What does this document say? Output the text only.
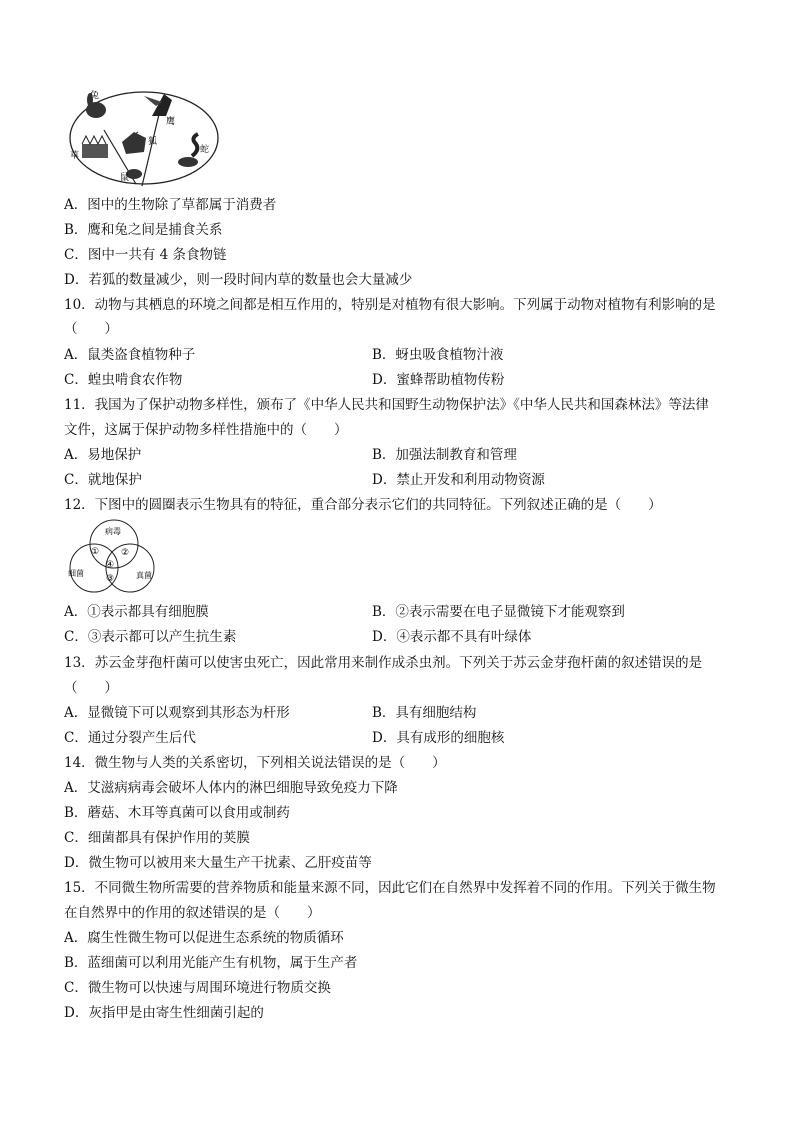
兔
鹰
狐
草
鼠
蛇
A．图中的生物除了草都属于消费者
B．鹰和兔之间是捕食关系
C．图中一共有 4 条食物链
D．若狐的数量减少，则一段时间内草的数量也会大量减少
10．动物与其栖息的环境之间都是相互作用的，特别是对植物有很大影响。下列属于动物对植物有利影响的是
（　　）
A．鼠类盗食植物种子	B．蚜虫吸食植物汁液
C．蝗虫啃食农作物	D．蜜蜂帮助植物传粉
11．我国为了保护动物多样性，颁布了《中华人民共和国野生动物保护法》《中华人民共和国森林法》等法律
文件，这属于保护动物多样性措施中的（　　）
A．易地保护	B．加强法制教育和管理
C．就地保护	D．禁止开发和利用动物资源
12．下图中的圆圈表示生物具有的特征，重合部分表示它们的共同特征。下列叙述正确的是（　　）
病毒
细菌	真菌
① ②
④
③
A．①表示都具有细胞膜	B．②表示需要在电子显微镜下才能观察到
C．③表示都可以产生抗生素	D．④表示都不具有叶绿体
13．苏云金芽孢杆菌可以使害虫死亡，因此常用来制作成杀虫剂。下列关于苏云金芽孢杆菌的叙述错误的是
（　　）
A．显微镜下可以观察到其形态为杆形	B．具有细胞结构
C．通过分裂产生后代	D．具有成形的细胞核
14．微生物与人类的关系密切，下列相关说法错误的是（　　）
A．艾滋病病毒会破坏人体内的淋巴细胞导致免疫力下降
B．蘑菇、木耳等真菌可以食用或制药
C．细菌都具有保护作用的荚膜
D．微生物可以被用来大量生产干扰素、乙肝疫苗等
15．不同微生物所需要的营养物质和能量来源不同，因此它们在自然界中发挥着不同的作用。下列关于微生物
在自然界中的作用的叙述错误的是（　　）
A．腐生性微生物可以促进生态系统的物质循环
B．蓝细菌可以利用光能产生有机物，属于生产者
C．微生物可以快速与周围环境进行物质交换
D．灰指甲是由寄生性细菌引起的
